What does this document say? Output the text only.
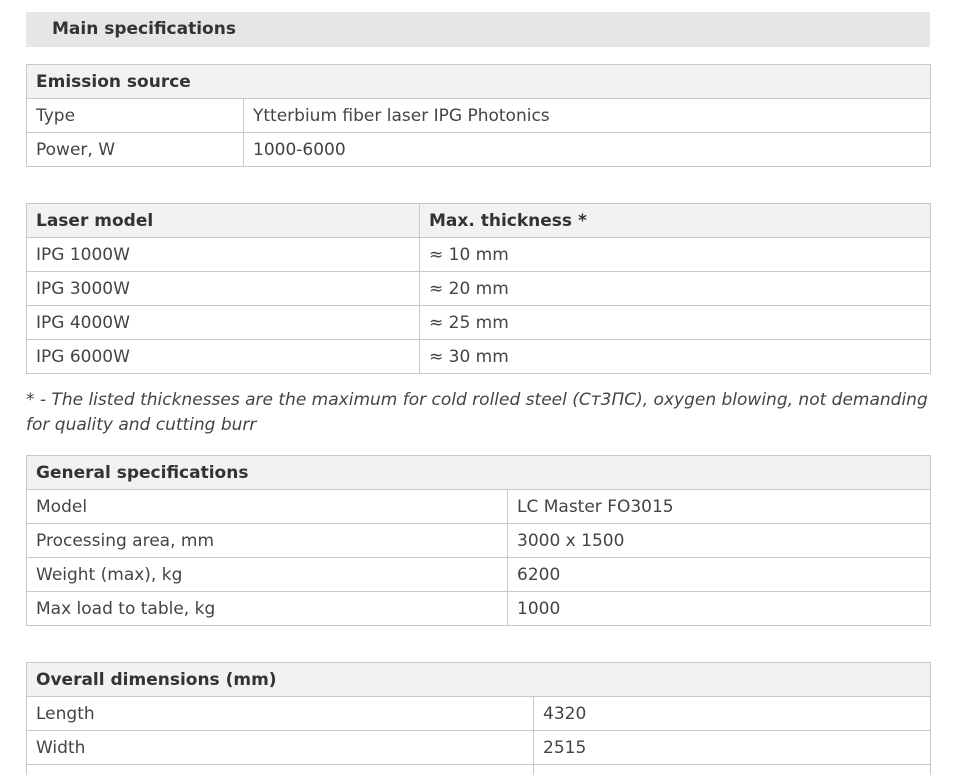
Main specifications
Emission source	
Type	Ytterbium fiber laser IPG Photonics
Power, W	1000-6000
Laser model	Max. thickness *
IPG 1000W	≈ 10 mm
IPG 3000W	≈ 20 mm
IPG 4000W	≈ 25 mm
IPG 6000W	≈ 30 mm
* - The listed thicknesses are the maximum for cold rolled steel (Ст3ПС), oxygen blowing, not demanding for quality and cutting burr
General specifications	
Model	LC Master FO3015
Processing area, mm	3000 x 1500
Weight (max), kg	6200
Max load to table, kg	1000
Overall dimensions (mm)	
Length	4320
Width	2515
